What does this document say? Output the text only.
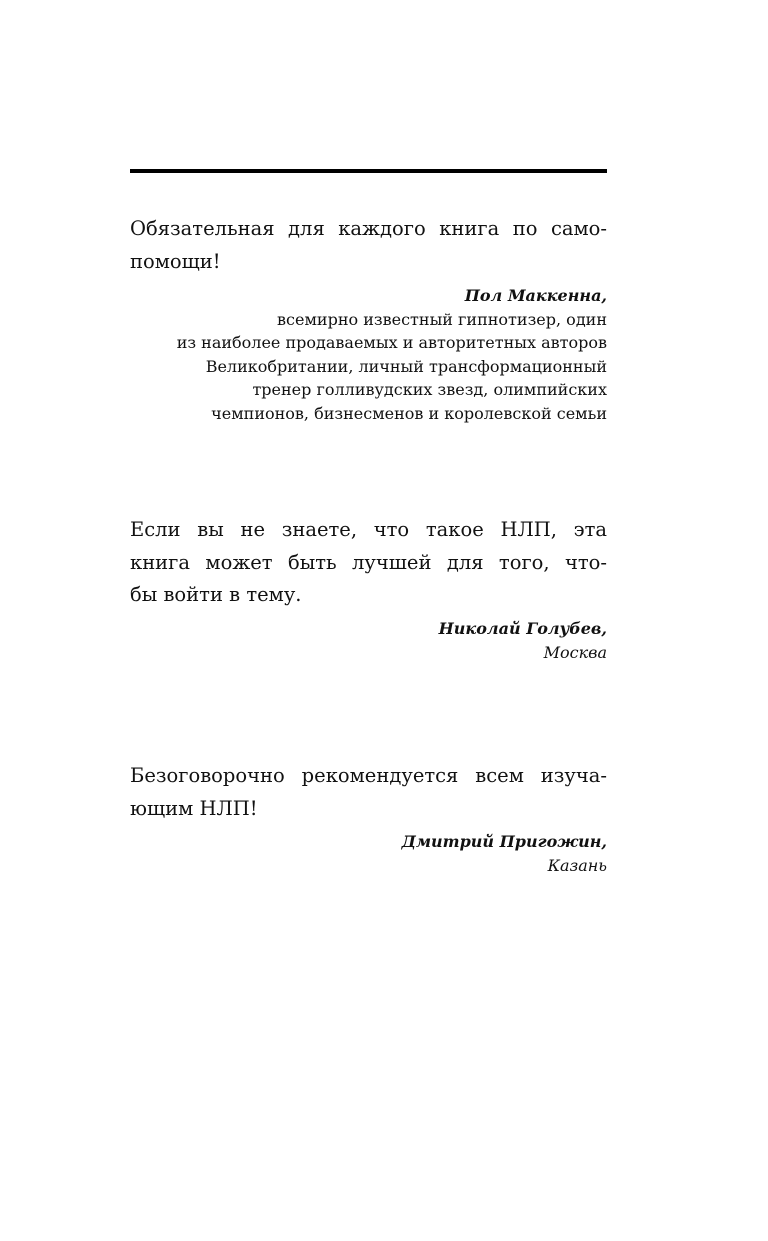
Обязательная для каждого книга по само-
помощи!
Пол Маккенна,
всемирно известный гипнотизер, один
из наиболее продаваемых и авторитетных авторов
Великобритании, личный трансформационный
тренер голливудских звезд, олимпийских
чемпионов, бизнесменов и королевской семьи
Если вы не знаете, что такое НЛП, эта
книга может быть лучшей для того, что-
бы войти в тему.
Николай Голубев,
Москва
Безоговорочно рекомендуется всем изуча-
ющим НЛП!
Дмитрий Пригожин,
Казань
